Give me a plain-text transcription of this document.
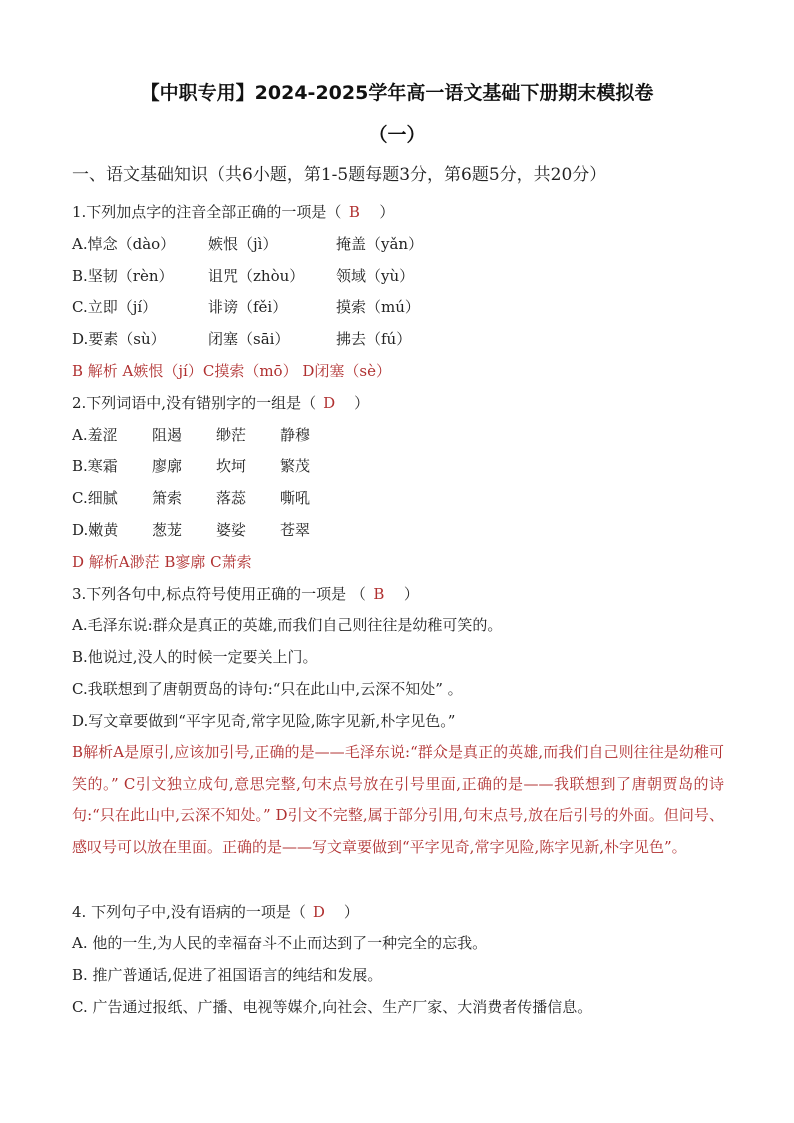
【中职专用】2024-2025学年高一语文基础下册期末模拟卷
（一）
一、语文基础知识（共6小题，第1-5题每题3分，第6题5分，共20分）
1.下列加点字的注音全部正确的一项是（ B ）
A.悼念（dào） 嫉恨（jì）	掩盖（yǎn）
B.坚韧（rèn） 诅咒（zhòu） 领域（yù）
C.立即（jí）	诽谤（fěi）	摸索（mú）
D.要素（sù）	闭塞（sāi）	拂去（fú）
B 解析 A嫉恨（jí）C摸索（mō） D闭塞（sè）
2.下列词语中,没有错别字的一组是（ D ）
A.羞涩 阻遏 缈茫 静穆
B.寒霜 廖廓 坎坷 繁茂
C.细腻 箫索 落蕊 嘶吼
D.嫩黄 葱茏 婆娑 苍翠
D 解析A渺茫 B寥廓 C萧索
3.下列各句中,标点符号使用正确的一项是 （ B ）
A.毛泽东说:群众是真正的英雄,而我们自己则往往是幼稚可笑的。
B.他说过,没人的时候一定要关上门。
C.我联想到了唐朝贾岛的诗句:“只在此山中,云深不知处” 。
D.写文章要做到“平字见奇,常字见险,陈字见新,朴字见色。”
B解析A是原引,应该加引号,正确的是——毛泽东说:“群众是真正的英雄,而我们自己则往往是幼稚可笑的。” C引文独立成句,意思完整,句末点号放在引号里面,正确的是——我联想到了唐朝贾岛的诗句:“只在此山中,云深不知处。” D引文不完整,属于部分引用,句末点号,放在后引号的外面。但问号、感叹号可以放在里面。正确的是——写文章要做到“平字见奇,常字见险,陈字见新,朴字见色”。
4. 下列句子中,没有语病的一项是（ D ）
A. 他的一生,为人民的幸福奋斗不止而达到了一种完全的忘我。
B. 推广普通话,促进了祖国语言的纯结和发展。
C. 广告通过报纸、广播、电视等媒介,向社会、生产厂家、大消费者传播信息。
